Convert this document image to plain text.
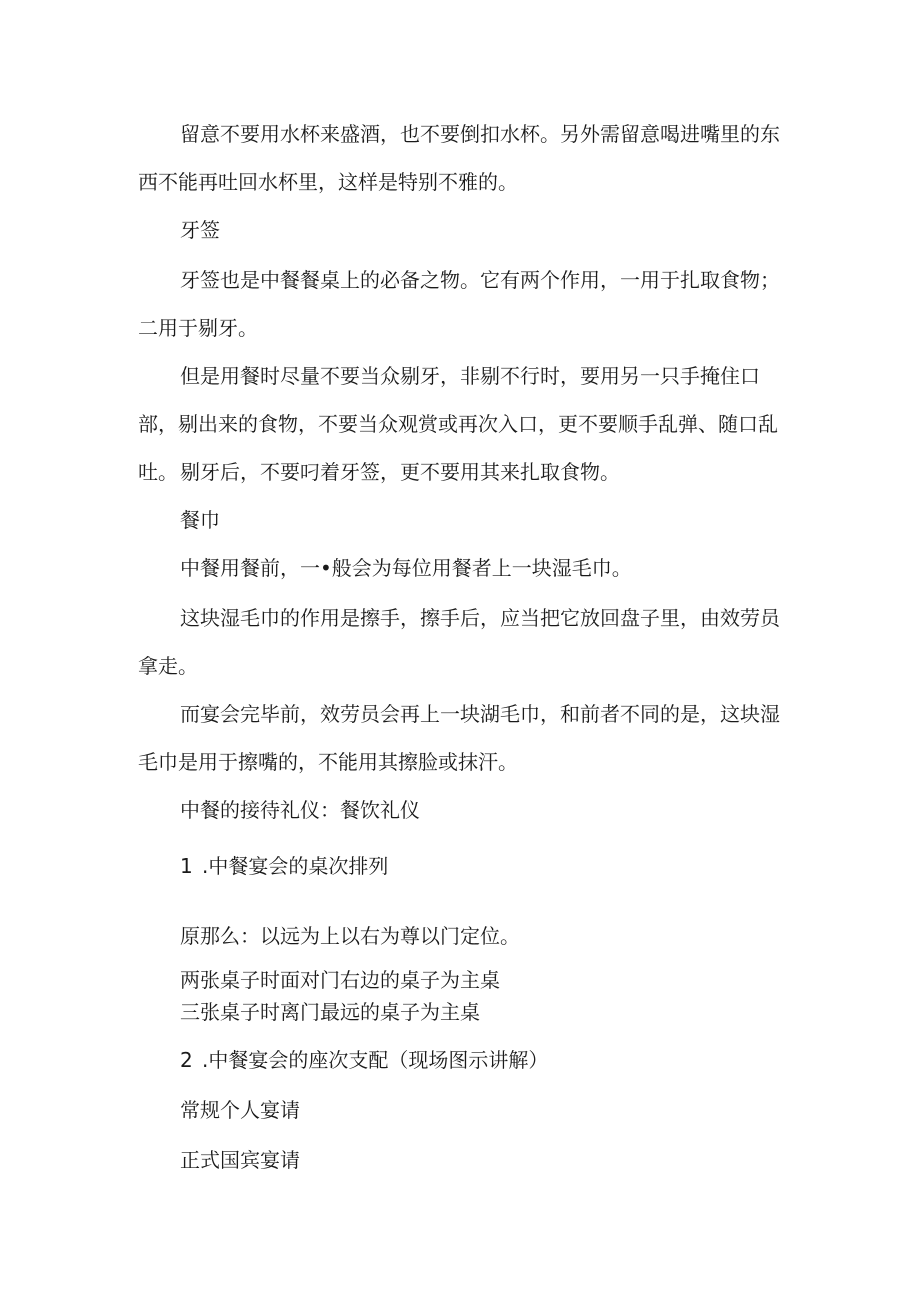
留意不要用水杯来盛酒，也不要倒扣水杯。另外需留意喝进嘴里的东西不能再吐回水杯里，这样是特别不雅的。

牙签

牙签也是中餐餐桌上的必备之物。它有两个作用，一用于扎取食物；二用于剔牙。

但是用餐时尽量不要当众剔牙，非剔不行时，要用另一只手掩住口部，剔出来的食物，不要当众观赏或再次入口，更不要顺手乱弹、随口乱吐。 剔牙后，不要叼着牙签，更不要用其来扎取食物。

餐巾

中餐用餐前，一•般会为每位用餐者上一块湿毛巾。

这块湿毛巾的作用是擦手，擦手后，应当把它放回盘子里，由效劳员拿走。

而宴会完毕前，效劳员会再上一块湖毛巾，和前者不同的是，这块湿毛巾是用于擦嘴的，不能用其擦脸或抹汗。

中餐的接待礼仪：餐饮礼仪

1 .中餐宴会的桌次排列
原那么：以远为上以右为尊以门定位。
两张桌子时面对门右边的桌子为主桌
三张桌子时离门最远的桌子为主桌
2 .中餐宴会的座次支配（现场图示讲解）
常规个人宴请
正式国宾宴请
